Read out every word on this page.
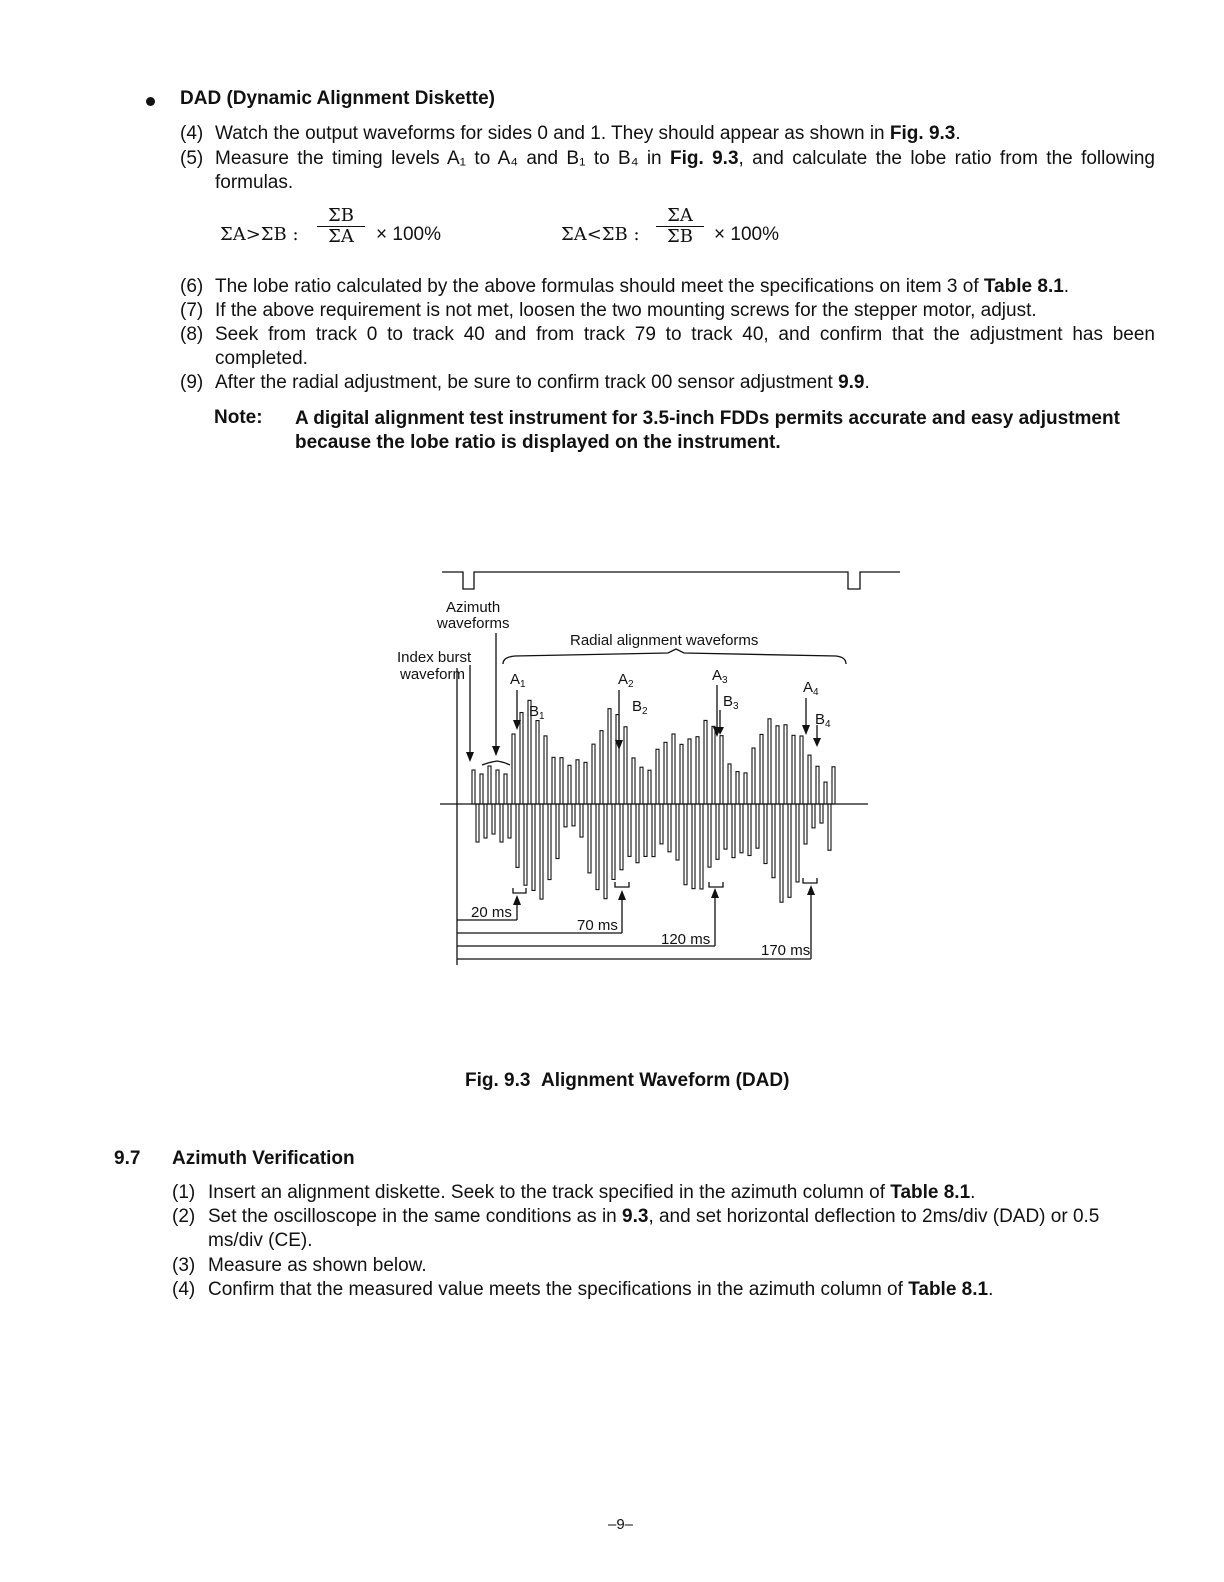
DAD (Dynamic Alignment Diskette)
(4) Watch the output waveforms for sides 0 and 1. They should appear as shown in Fig. 9.3.
(5) Measure the timing levels A₁ to A₄ and B₁ to B₄ in Fig. 9.3, and calculate the lobe ratio from the following formulas.
ΣA>ΣB : $\frac{\Sigma B}{\Sigma A} \times 100\%$	ΣA<ΣB : $\frac{\Sigma A}{\Sigma B} \times 100\%$
(6) The lobe ratio calculated by the above formulas should meet the specifications on item 3 of Table 8.1.
(7) If the above requirement is not met, loosen the two mounting screws for the stepper motor, adjust.
(8) Seek from track 0 to track 40 and from track 79 to track 40, and confirm that the adjustment has been completed.
(9) After the radial adjustment, be sure to confirm track 00 sensor adjustment 9.9.
Note: A digital alignment test instrument for 3.5-inch FDDs permits accurate and easy adjustment because the lobe ratio is displayed on the instrument.
Azimuth
waveforms
Index burst
waveform
Radial alignment waveforms
$A_1$
$B_1$
$A_2$
$B_2$
$A_3$
$B_3$
$A_4$
$B_4$
20 ms
70 ms
120 ms
170 ms
Fig. 9.3 Alignment Waveform (DAD)
9.7 Azimuth Verification
(1) Insert an alignment diskette. Seek to the track specified in the azimuth column of Table 8.1.
(2) Set the oscilloscope in the same conditions as in 9.3, and set horizontal deflection to 2ms/div (DAD) or 0.5 ms/div (CE).
(3) Measure as shown below.
(4) Confirm that the measured value meets the specifications in the azimuth column of Table 8.1.
–9–
